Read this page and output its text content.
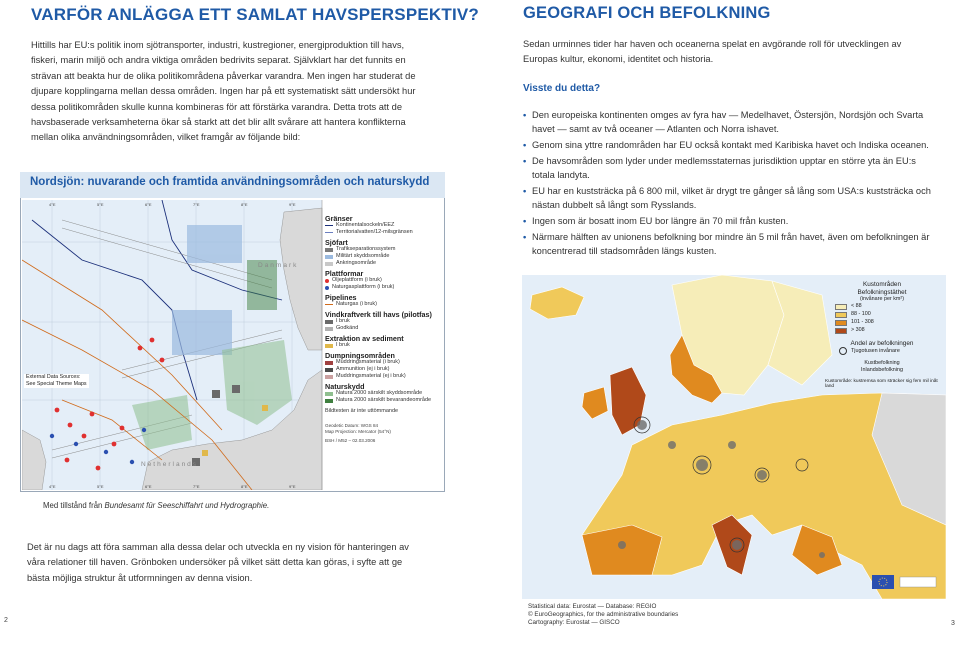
VARFÖR ANLÄGGA ETT SAMLAT HAVSPERSPEKTIV?
Hittills har EU:s politik inom sjötransporter, industri, kustregioner, energiproduktion till havs,
fiskeri, marin miljö och andra viktiga områden bedrivits separat. Självklart har det funnits en
strävan att beakta hur de olika politikområdena påverkar varandra. Men ingen har studerat de
djupare kopplingarna mellan dessa områden. Ingen har på ett systematiskt sätt undersökt hur
dessa politikområden skulle kunna kombineras för att förstärka varandra. Detta trots att de
havsbaserade verksamheterna ökar så starkt att det blir allt svårare att hantera konflikterna
mellan olika användningsområden, vilket framgår av följande bild:
Nordsjön: nuvarande och framtida användningsområden och naturskydd
4°E	5°E	6°E	7°E	8°E	9°E
4°E	5°E	6°E	7°E	8°E	9°E
Danmark
Netherlands
External Data Sources:
See Special Theme Maps
Gränser
Kontinentalsockeln/EEZ
Territorialvatten/12-milsgränsen
Sjöfart
Trafikseparationssystem
Militärt skyddsområde
Ankringsområde
Plattformar
Oljeplattform (i bruk)
Naturgasplattform (i bruk)
Pipelines
Naturgas (i bruk)
Vindkraftverk till havs (pilotfas)
I bruk
Godkänd
Extraktion av sediment
I bruk
Dumpningsområden
Muddringsmaterial (i bruk)
Ammunition (ej i bruk)
Muddringsmaterial (ej i bruk)
Naturskydd
Natura 2000 särskilt skyddsområde
Natura 2000 särskilt bevarandeområde
Bildtexten är inte uttömmande
Geodetic Datum: WGS 84
Map Projection: Mercator (54°N)
BSH / M52 – 02.03.2006
Med tillstånd från Bundesamt für Seeschiffahrt und Hydrographie.
Det är nu dags att föra samman alla dessa delar och utveckla en ny vision för hanteringen av
våra relationer till haven. Grönboken undersöker på vilket sätt detta kan göras, i syfte att ge
bästa möjliga struktur åt utformningen av denna vision.
2
GEOGRAFI OCH BEFOLKNING
Sedan urminnes tider har haven och oceanerna spelat en avgörande roll för utvecklingen av
Europas kultur, ekonomi, identitet och historia.
Visste du detta?
• Den europeiska kontinenten omges av fyra hav — Medelhavet, Östersjön, Nordsjön och Svarta havet — samt av två oceaner — Atlanten och Norra ishavet.
• Genom sina yttre randområden har EU också kontakt med Karibiska havet och Indiska oceanen.
• De havsområden som lyder under medlemsstaternas jurisdiktion upptar en större yta än EU:s totala landyta.
• EU har en kuststräcka på 6 800 mil, vilket är drygt tre gånger så lång som USA:s kuststräcka och nästan dubbelt så långt som Rysslands.
• Ingen som är bosatt inom EU bor längre än 70 mil från kusten.
• Närmare hälften av unionens befolkning bor mindre än 5 mil från havet, även om befolkningen är koncentrerad till stadsområden längs kusten.
Kustområden
Befolkningstäthet
(invånare per km²)
< 88
88 - 100
101 - 308
> 308
Andel av befolkningen
Tjugotusen invånare
Kustbefolkning
Inlandsbefolkning
Kustområde: kustremsa som sträcker sig fem mil inåt land
Statistical data: Eurostat — Database: REGIO
© EuroGeographics, for the administrative boundaries
Cartography: Eurostat — GISCO	3
